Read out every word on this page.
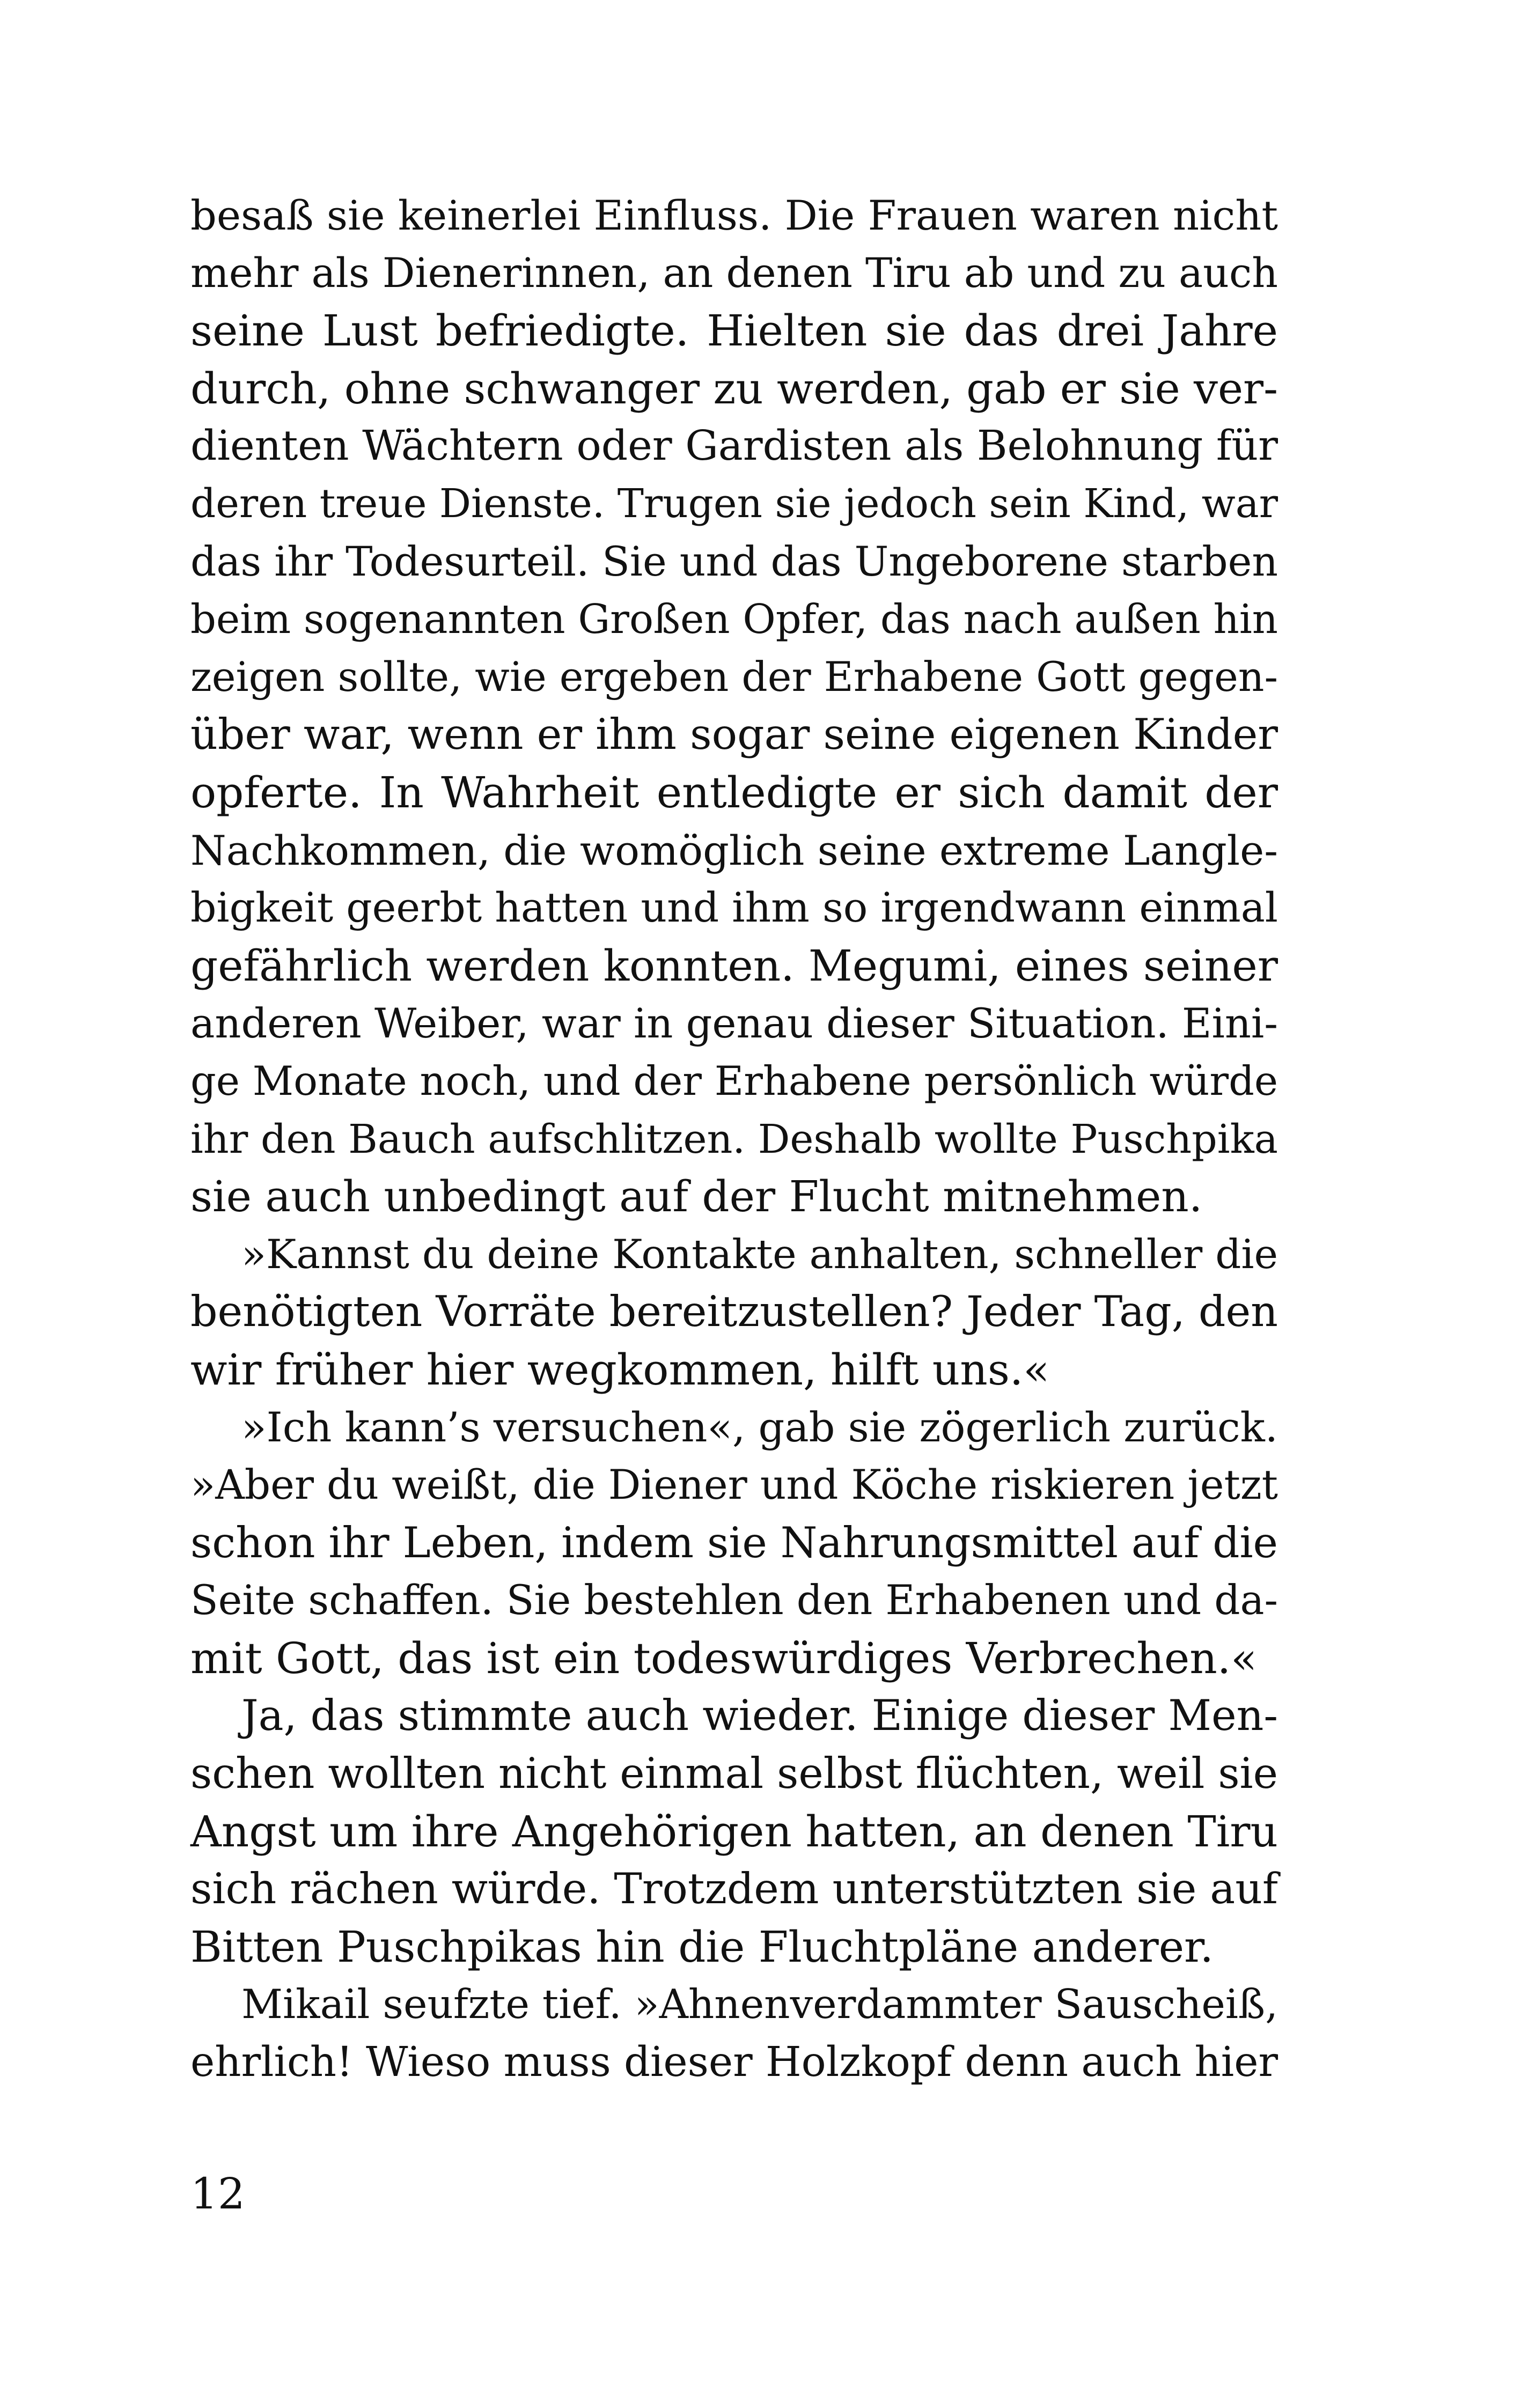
besaß sie keinerlei Einfluss. Die Frauen waren nicht
mehr als Dienerinnen, an denen Tiru ab und zu auch
seine Lust befriedigte. Hielten sie das drei Jahre
durch, ohne schwanger zu werden, gab er sie ver-
dienten Wächtern oder Gardisten als Belohnung für
deren treue Dienste. Trugen sie jedoch sein Kind, war
das ihr Todesurteil. Sie und das Ungeborene starben
beim sogenannten Großen Opfer, das nach außen hin
zeigen sollte, wie ergeben der Erhabene Gott gegen-
über war, wenn er ihm sogar seine eigenen Kinder
opferte. In Wahrheit entledigte er sich damit der
Nachkommen, die womöglich seine extreme Langle-
bigkeit geerbt hatten und ihm so irgendwann einmal
gefährlich werden konnten. Megumi, eines seiner
anderen Weiber, war in genau dieser Situation. Eini-
ge Monate noch, und der Erhabene persönlich würde
ihr den Bauch aufschlitzen. Deshalb wollte Puschpika
sie auch unbedingt auf der Flucht mitnehmen.
»Kannst du deine Kontakte anhalten, schneller die
benötigten Vorräte bereitzustellen? Jeder Tag, den
wir früher hier wegkommen, hilft uns.«
»Ich kann’s versuchen«, gab sie zögerlich zurück.
»Aber du weißt, die Diener und Köche riskieren jetzt
schon ihr Leben, indem sie Nahrungsmittel auf die
Seite schaffen. Sie bestehlen den Erhabenen und da-
mit Gott, das ist ein todeswürdiges Verbrechen.«
Ja, das stimmte auch wieder. Einige dieser Men-
schen wollten nicht einmal selbst flüchten, weil sie
Angst um ihre Angehörigen hatten, an denen Tiru
sich rächen würde. Trotzdem unterstützten sie auf
Bitten Puschpikas hin die Fluchtpläne anderer.
Mikail seufzte tief. »Ahnenverdammter Sauscheiß,
ehrlich! Wieso muss dieser Holzkopf denn auch hier
12
